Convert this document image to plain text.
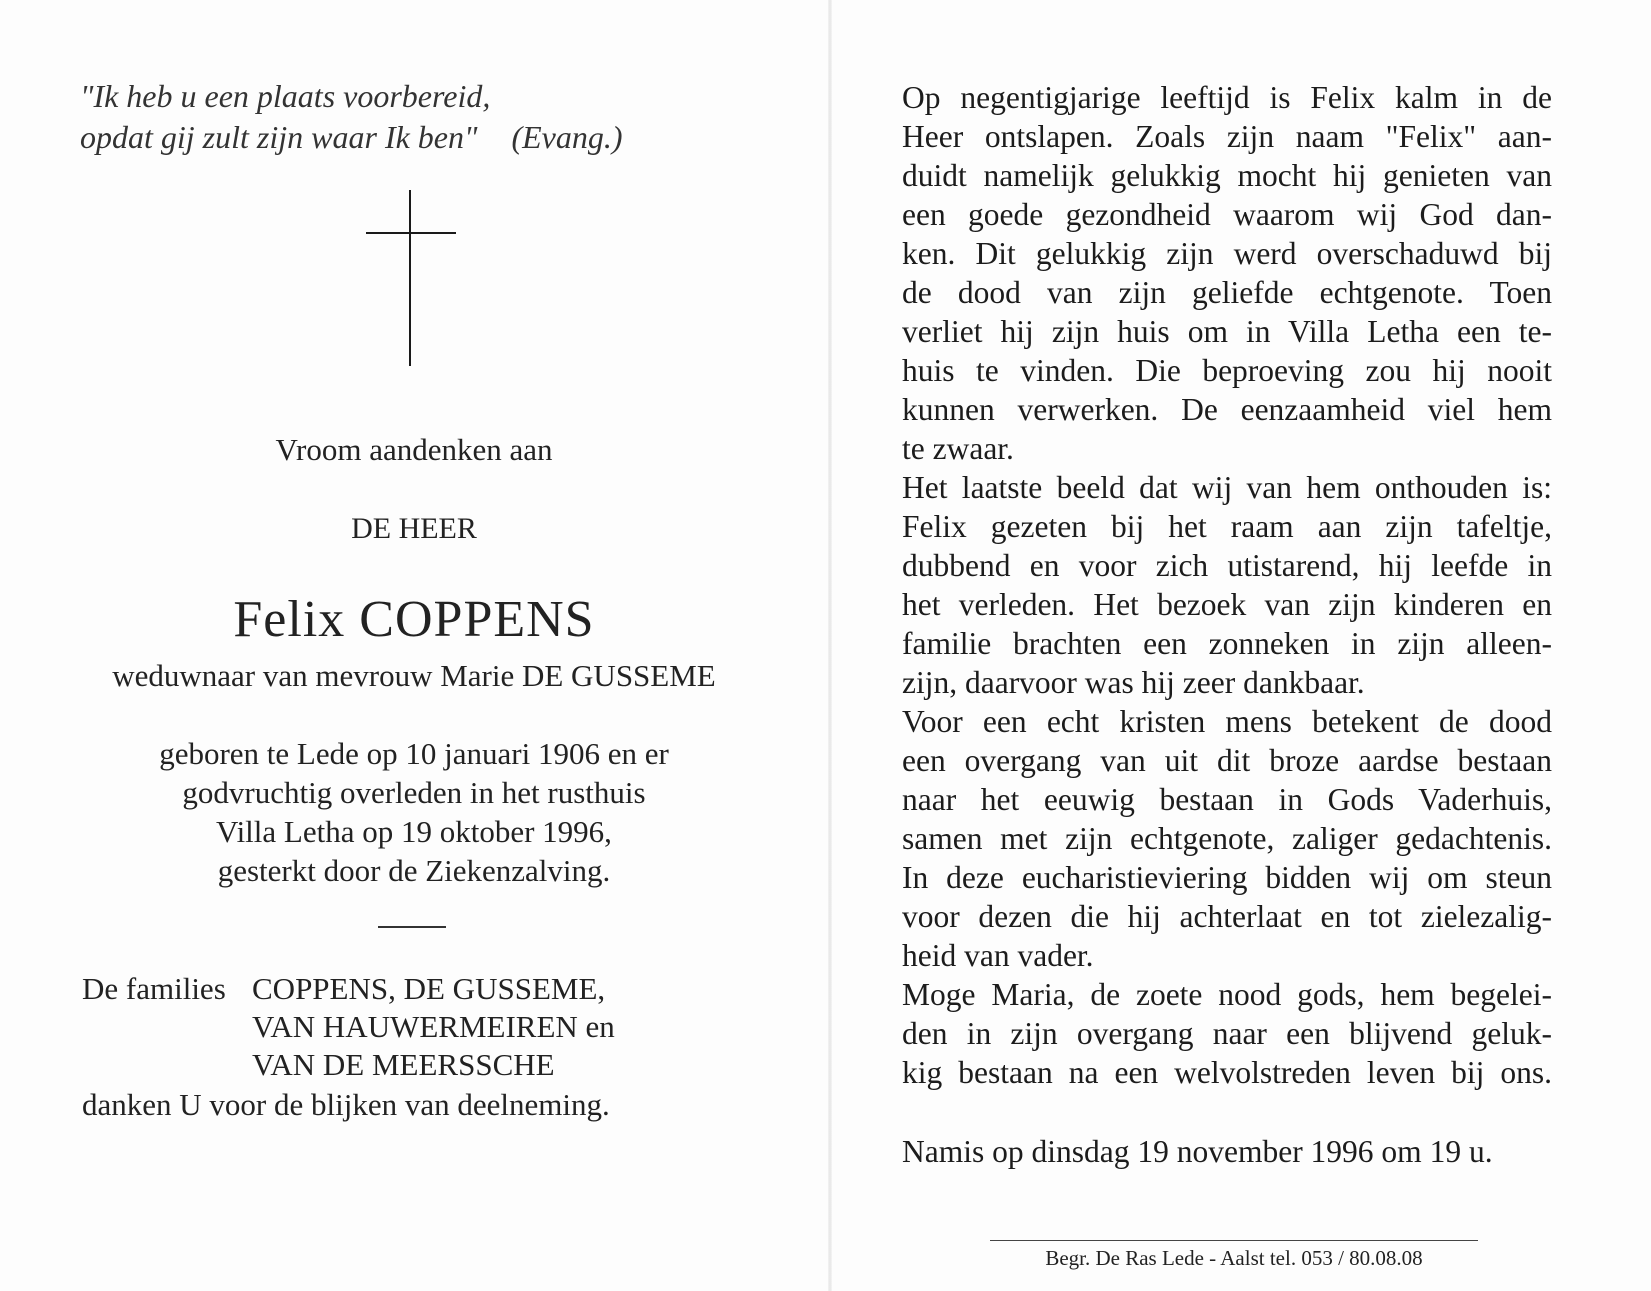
"Ik heb u een plaats voorbereid,
opdat gij zult zijn waar Ik ben" (Evang.)
Vroom aandenken aan
DE HEER
Felix COPPENS
weduwnaar van mevrouw Marie DE GUSSEME
geboren te Lede op 10 januari 1906 en er
godvruchtig overleden in het rusthuis
Villa Letha op 19 oktober 1996,
gesterkt door de Ziekenzalving.
De families COPPENS, DE GUSSEME,
VAN HAUWERMEIREN en
VAN DE MEERSSCHE
danken U voor de blijken van deelneming.
Op negentigjarige leeftijd is Felix kalm in de
Heer ontslapen. Zoals zijn naam "Felix" aan-
duidt namelijk gelukkig mocht hij genieten van
een goede gezondheid waarom wij God dan-
ken. Dit gelukkig zijn werd overschaduwd bij
de dood van zijn geliefde echtgenote. Toen
verliet hij zijn huis om in Villa Letha een te-
huis te vinden. Die beproeving zou hij nooit
kunnen verwerken. De eenzaamheid viel hem
te zwaar.
Het laatste beeld dat wij van hem onthouden is:
Felix gezeten bij het raam aan zijn tafeltje,
dubbend en voor zich utistarend, hij leefde in
het verleden. Het bezoek van zijn kinderen en
familie brachten een zonneken in zijn alleen-
zijn, daarvoor was hij zeer dankbaar.
Voor een echt kristen mens betekent de dood
een overgang van uit dit broze aardse bestaan
naar het eeuwig bestaan in Gods Vaderhuis,
samen met zijn echtgenote, zaliger gedachtenis.
In deze eucharistieviering bidden wij om steun
voor dezen die hij achterlaat en tot zielezalig-
heid van vader.
Moge Maria, de zoete nood gods, hem begelei-
den in zijn overgang naar een blijvend geluk-
kig bestaan na een welvolstreden leven bij ons.
Namis op dinsdag 19 november 1996 om 19 u.
Begr. De Ras Lede - Aalst tel. 053 / 80.08.08
